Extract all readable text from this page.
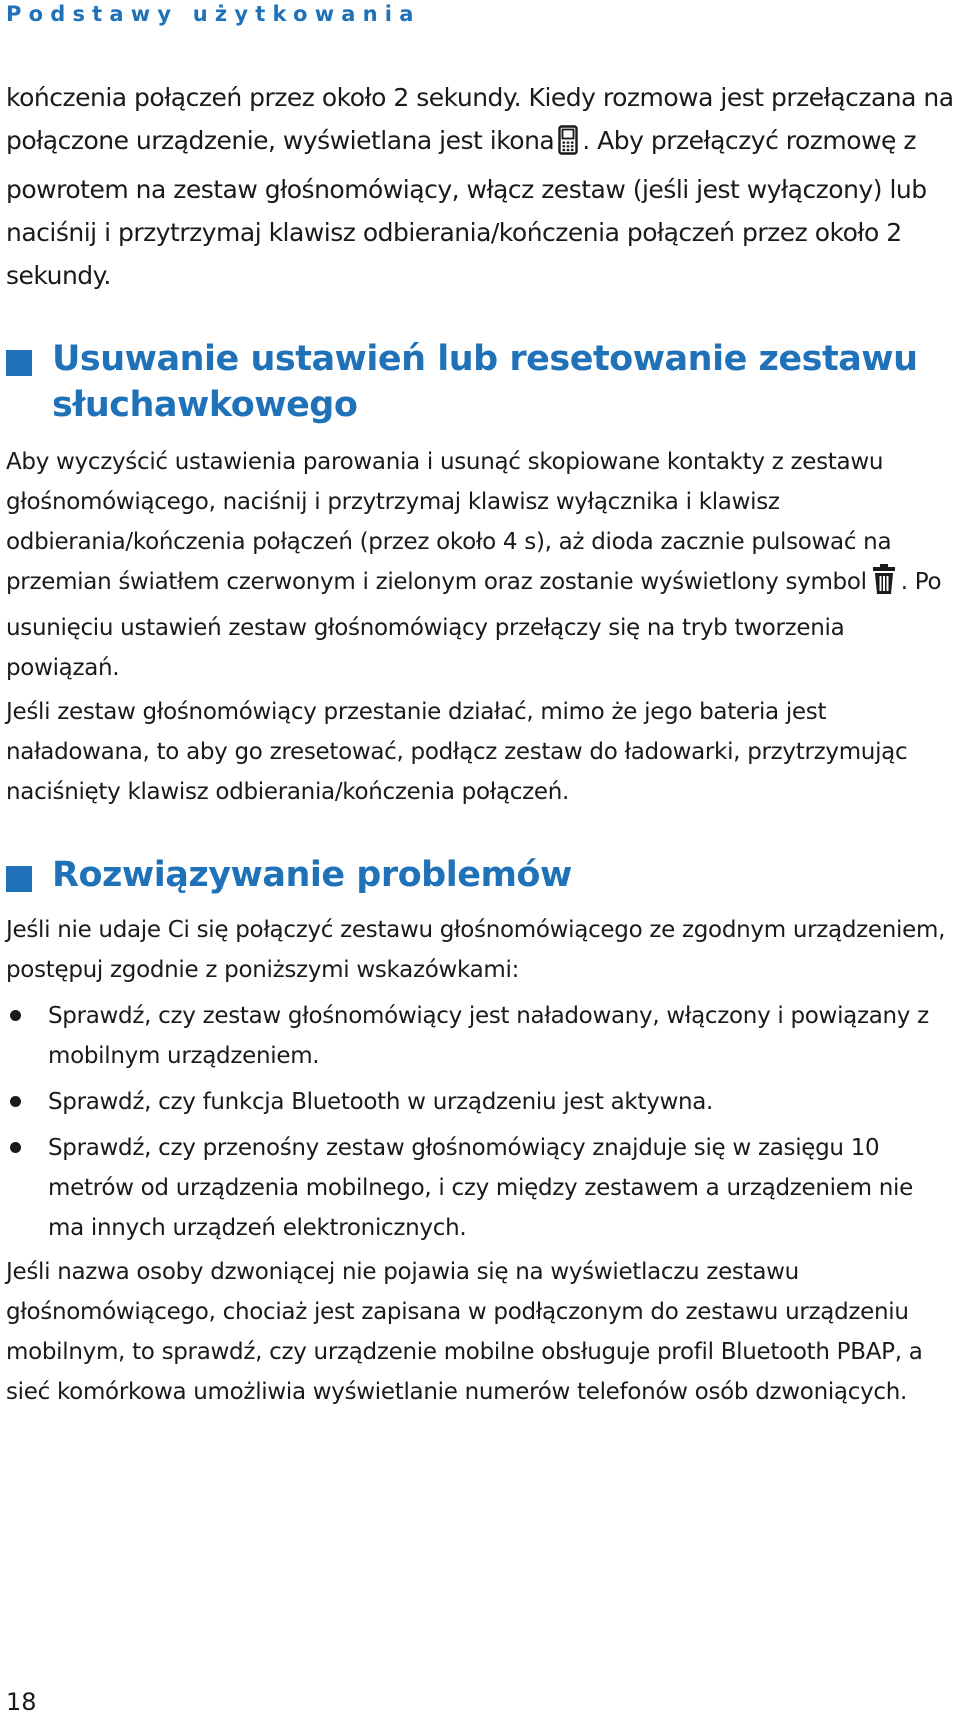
Podstawy użytkowania

kończenia połączeń przez około 2 sekundy. Kiedy rozmowa jest przełączana na połączone urządzenie, wyświetlana jest ikona . Aby przełączyć rozmowę z powrotem na zestaw głośnomówiący, włącz zestaw (jeśli jest wyłączony) lub naciśnij i przytrzymaj klawisz odbierania/kończenia połączeń przez około 2 sekundy.

Usuwanie ustawień lub resetowanie zestawu słuchawkowego

Aby wyczyścić ustawienia parowania i usunąć skopiowane kontakty z zestawu głośnomówiącego, naciśnij i przytrzymaj klawisz wyłącznika i klawisz odbierania/kończenia połączeń (przez około 4 s), aż dioda zacznie pulsować na przemian światłem czerwonym i zielonym oraz zostanie wyświetlony symbol . Po usunięciu ustawień zestaw głośnomówiący przełączy się na tryb tworzenia powiązań.

Jeśli zestaw głośnomówiący przestanie działać, mimo że jego bateria jest naładowana, to aby go zresetować, podłącz zestaw do ładowarki, przytrzymując naciśnięty klawisz odbierania/kończenia połączeń.

Rozwiązywanie problemów

Jeśli nie udaje Ci się połączyć zestawu głośnomówiącego ze zgodnym urządzeniem, postępuj zgodnie z poniższymi wskazówkami:

Sprawdź, czy zestaw głośnomówiący jest naładowany, włączony i powiązany z mobilnym urządzeniem.
Sprawdź, czy funkcja Bluetooth w urządzeniu jest aktywna.
Sprawdź, czy przenośny zestaw głośnomówiący znajduje się w zasięgu 10 metrów od urządzenia mobilnego, i czy między zestawem a urządzeniem nie ma innych urządzeń elektronicznych.

Jeśli nazwa osoby dzwoniącej nie pojawia się na wyświetlaczu zestawu głośnomówiącego, chociaż jest zapisana w podłączonym do zestawu urządzeniu mobilnym, to sprawdź, czy urządzenie mobilne obsługuje profil Bluetooth PBAP, a sieć komórkowa umożliwia wyświetlanie numerów telefonów osób dzwoniących.

18
